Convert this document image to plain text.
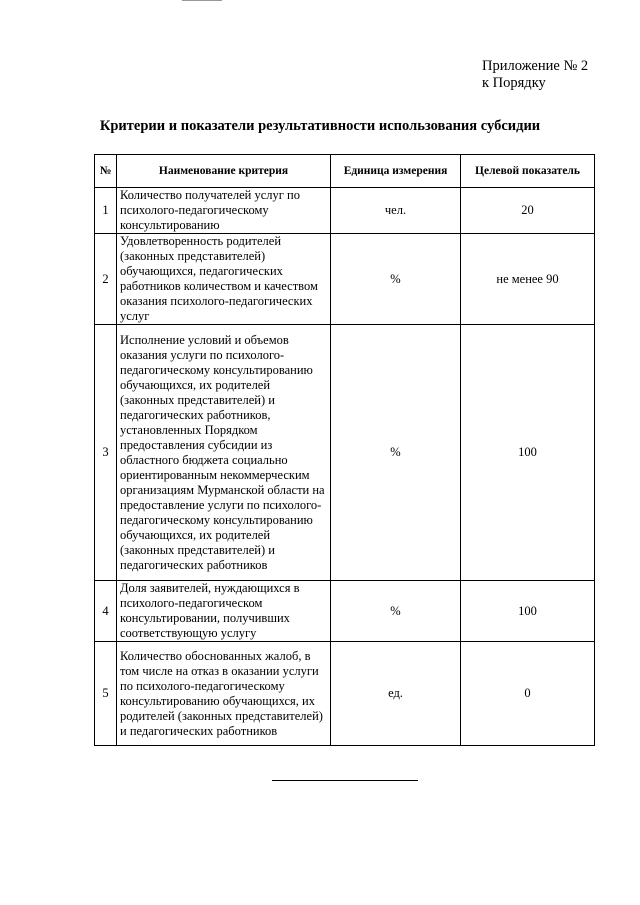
Приложение № 2
к Порядку
Критерии и показатели результативности использования субсидии
№	Наименование критерия	Единица измерения	Целевой показатель
1	Количество получателей услуг по психолого-педагогическому консультированию	чел.	20
2	Удовлетворенность родителей (законных представителей) обучающихся, педагогических работников количеством и качеством оказания психолого-педагогических услуг	%	не менее 90
3	Исполнение условий и объемов оказания услуги по психолого-педагогическому консультированию обучающихся, их родителей (законных представителей) и педагогических работников, установленных Порядком предоставления субсидии из областного бюджета социально ориентированным некоммерческим организациям Мурманской области на предоставление услуги по психолого-педагогическому консультированию обучающихся, их родителей (законных представителей) и педагогических работников	%	100
4	Доля заявителей, нуждающихся в психолого-педагогическом консультировании, получивших соответствующую услугу	%	100
5	Количество обоснованных жалоб, в том числе на отказ в оказании услуги по психолого-педагогическому консультированию обучающихся, их родителей (законных представителей) и педагогических работников	ед.	0
